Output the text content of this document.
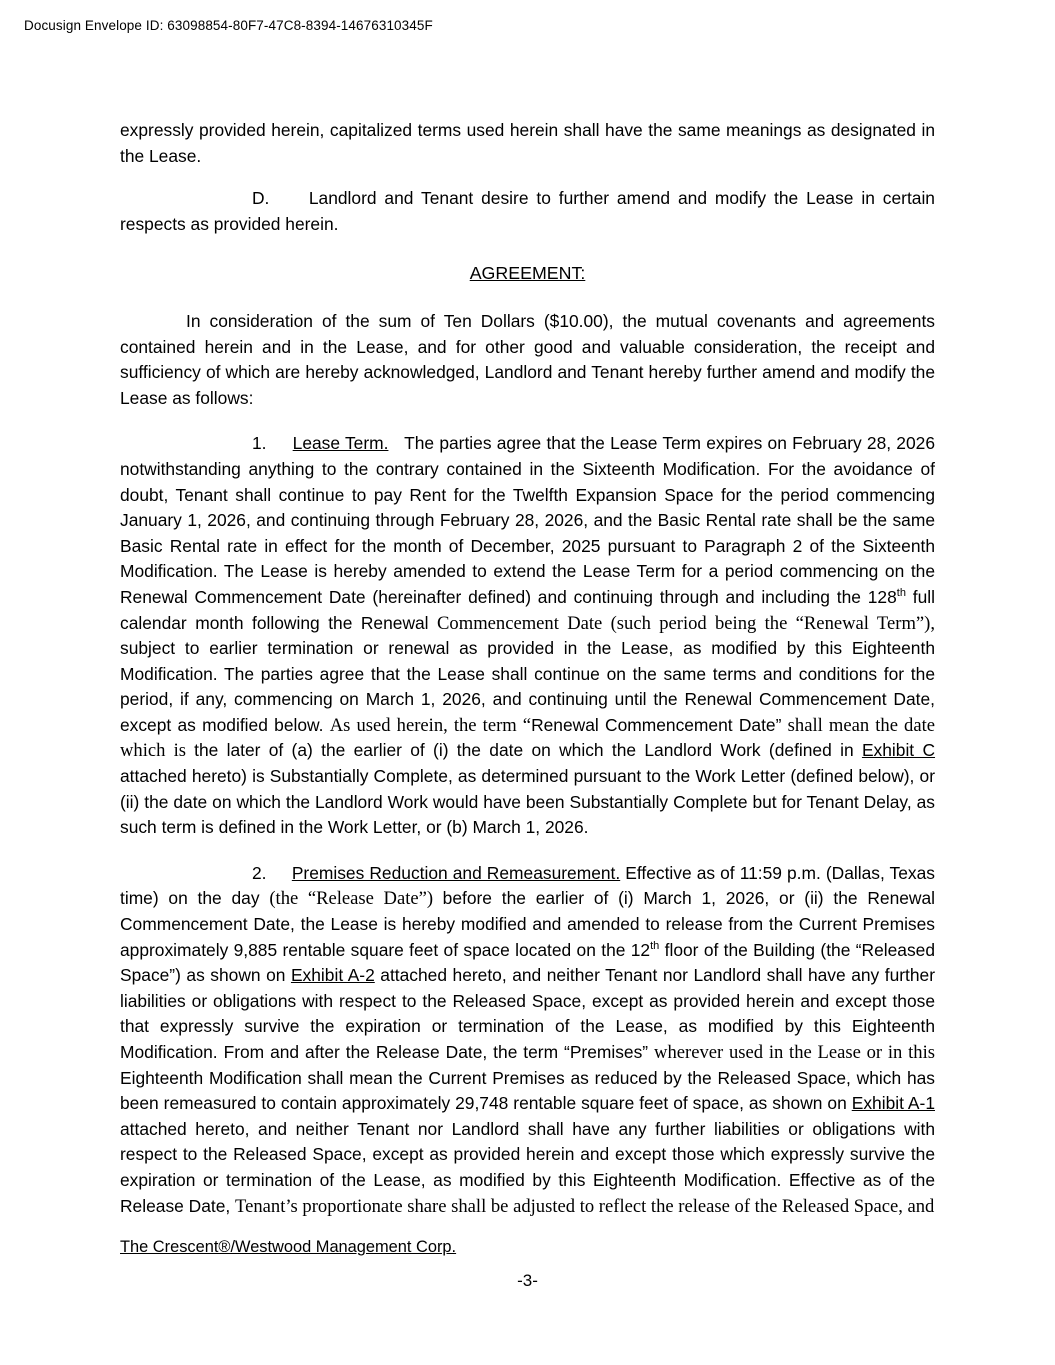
Docusign Envelope ID: 63098854-80F7-47C8-8394-14676310345F

expressly provided herein, capitalized terms used herein shall have the same meanings as designated in the Lease.

D. Landlord and Tenant desire to further amend and modify the Lease in certain respects as provided herein.

AGREEMENT:

In consideration of the sum of Ten Dollars ($10.00), the mutual covenants and agreements contained herein and in the Lease, and for other good and valuable consideration, the receipt and sufficiency of which are hereby acknowledged, Landlord and Tenant hereby further amend and modify the Lease as follows:

1. Lease Term. The parties agree that the Lease Term expires on February 28, 2026 notwithstanding anything to the contrary contained in the Sixteenth Modification. For the avoidance of doubt, Tenant shall continue to pay Rent for the Twelfth Expansion Space for the period commencing January 1, 2026, and continuing through February 28, 2026, and the Basic Rental rate shall be the same Basic Rental rate in effect for the month of December, 2025 pursuant to Paragraph 2 of the Sixteenth Modification. The Lease is hereby amended to extend the Lease Term for a period commencing on the Renewal Commencement Date (hereinafter defined) and continuing through and including the 128th full calendar month following the Renewal Commencement Date (such period being the “Renewal Term”), subject to earlier termination or renewal as provided in the Lease, as modified by this Eighteenth Modification. The parties agree that the Lease shall continue on the same terms and conditions for the period, if any, commencing on March 1, 2026, and continuing until the Renewal Commencement Date, except as modified below. As used herein, the term “Renewal Commencement Date” shall mean the date which is the later of (a) the earlier of (i) the date on which the Landlord Work (defined in Exhibit C attached hereto) is Substantially Complete, as determined pursuant to the Work Letter (defined below), or (ii) the date on which the Landlord Work would have been Substantially Complete but for Tenant Delay, as such term is defined in the Work Letter, or (b) March 1, 2026.

2. Premises Reduction and Remeasurement. Effective as of 11:59 p.m. (Dallas, Texas time) on the day (the “Release Date”) before the earlier of (i) March 1, 2026, or (ii) the Renewal Commencement Date, the Lease is hereby modified and amended to release from the Current Premises approximately 9,885 rentable square feet of space located on the 12th floor of the Building (the “Released Space”) as shown on Exhibit A-2 attached hereto, and neither Tenant nor Landlord shall have any further liabilities or obligations with respect to the Released Space, except as provided herein and except those that expressly survive the expiration or termination of the Lease, as modified by this Eighteenth Modification. From and after the Release Date, the term “Premises” wherever used in the Lease or in this Eighteenth Modification shall mean the Current Premises as reduced by the Released Space, which has been remeasured to contain approximately 29,748 rentable square feet of space, as shown on Exhibit A-1 attached hereto, and neither Tenant nor Landlord shall have any further liabilities or obligations with respect to the Released Space, except as provided herein and except those which expressly survive the expiration or termination of the Lease, as modified by this Eighteenth Modification. Effective as of the Release Date, Tenant’s proportionate share shall be adjusted to reflect the release of the Released Space, and

The Crescent®/Westwood Management Corp.
-3-
